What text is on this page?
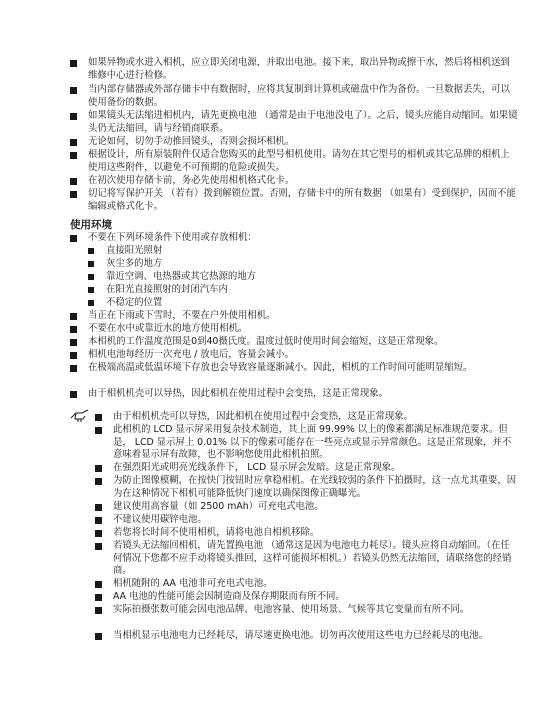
如果异物或水进入相机，应立即关闭电源，并取出电池。接下来，取出异物或擦干水，然后将相机送到维修中心进行检修。
当内部存储器或外部存储卡中有数据时，应将其复制到计算机或磁盘中作为备份。一旦数据丢失，可以使用备份的数据。
如果镜头无法缩进相机内，请先更换电池 （通常是由于电池没电了）。之后，镜头应能自动缩回。如果镜头仍无法缩回，请与经销商联系。
无论如何，切勿手动推回镜头，否则会损坏相机。
根据设计，所有原装附件仅适合您购买的此型号相机使用。请勿在其它型号的相机或其它品牌的相机上使用这些附件，以避免不可预期的危险或损失。
在初次使用存储卡前，务必先使用相机格式化卡。
切记将写保护开关 （若有）拨到解锁位置。否则，存储卡中的所有数据 （如果有）受到保护，因而不能编辑或格式化卡。
使用环境
不要在下列环境条件下使用或存放相机：
直接阳光照射
灰尘多的地方
靠近空调、电热器或其它热源的地方
在阳光直接照射的封闭汽车内
不稳定的位置
当正在下雨或下雪时，不要在户外使用相机。
不要在水中或靠近水的地方使用相机。
本相机的工作温度范围是0到40摄氏度。温度过低时使用时间会缩短，这是正常现象。
相机电池每经历一次充电 / 放电后，容量会减小。
在极端高温或低温环境下存放也会导致容量逐渐减小。因此，相机的工作时间可能明显缩短。
由于相机机壳可以导热，因此相机在使用过程中会变热，这是正常现象。
由于相机机壳可以导热，因此相机在使用过程中会变热，这是正常现象。
此相机的 LCD 显示屏采用复杂技术制造，其上面 99.99% 以上的像素都满足标准规范要求。但是， LCD 显示屏上 0.01% 以下的像素可能存在一些亮点或显示异常颜色。这是正常现象，并不意味着显示屏有故障，也不影响您使用此相机拍照。
在强烈阳光或明亮光线条件下， LCD 显示屏会发暗。这是正常现象。
为防止图像模糊，在按快门按钮时应拿稳相机。在光线较弱的条件下拍摄时，这一点尤其重要，因为在这种情况下相机可能降低快门速度以确保图像正确曝光。
建议使用高容量（如 2500 mAh）可充电式电池。
不建议使用碳锌电池。
若您将长时间不使用相机，请将电池自相机移除。
若镜头无法缩回相机，请先置换电池 （通常这是因为电池电力耗尽）。镜头应将自动缩回。（在任何情况下您都不应手动将镜头推回，这样可能损坏相机。）若镜头仍然无法缩回，请联络您的经销商。
相机随附的 AA 电池非可充电式电池。
AA 电池的性能可能会因制造商及保存期限而有所不同。
实际拍摄张数可能会因电池品牌、电池容量、使用场景、气候等其它变量而有所不同。
当相机显示电池电力已经耗尽，请尽速更换电池。切勿再次使用这些电力已经耗尽的电池。
